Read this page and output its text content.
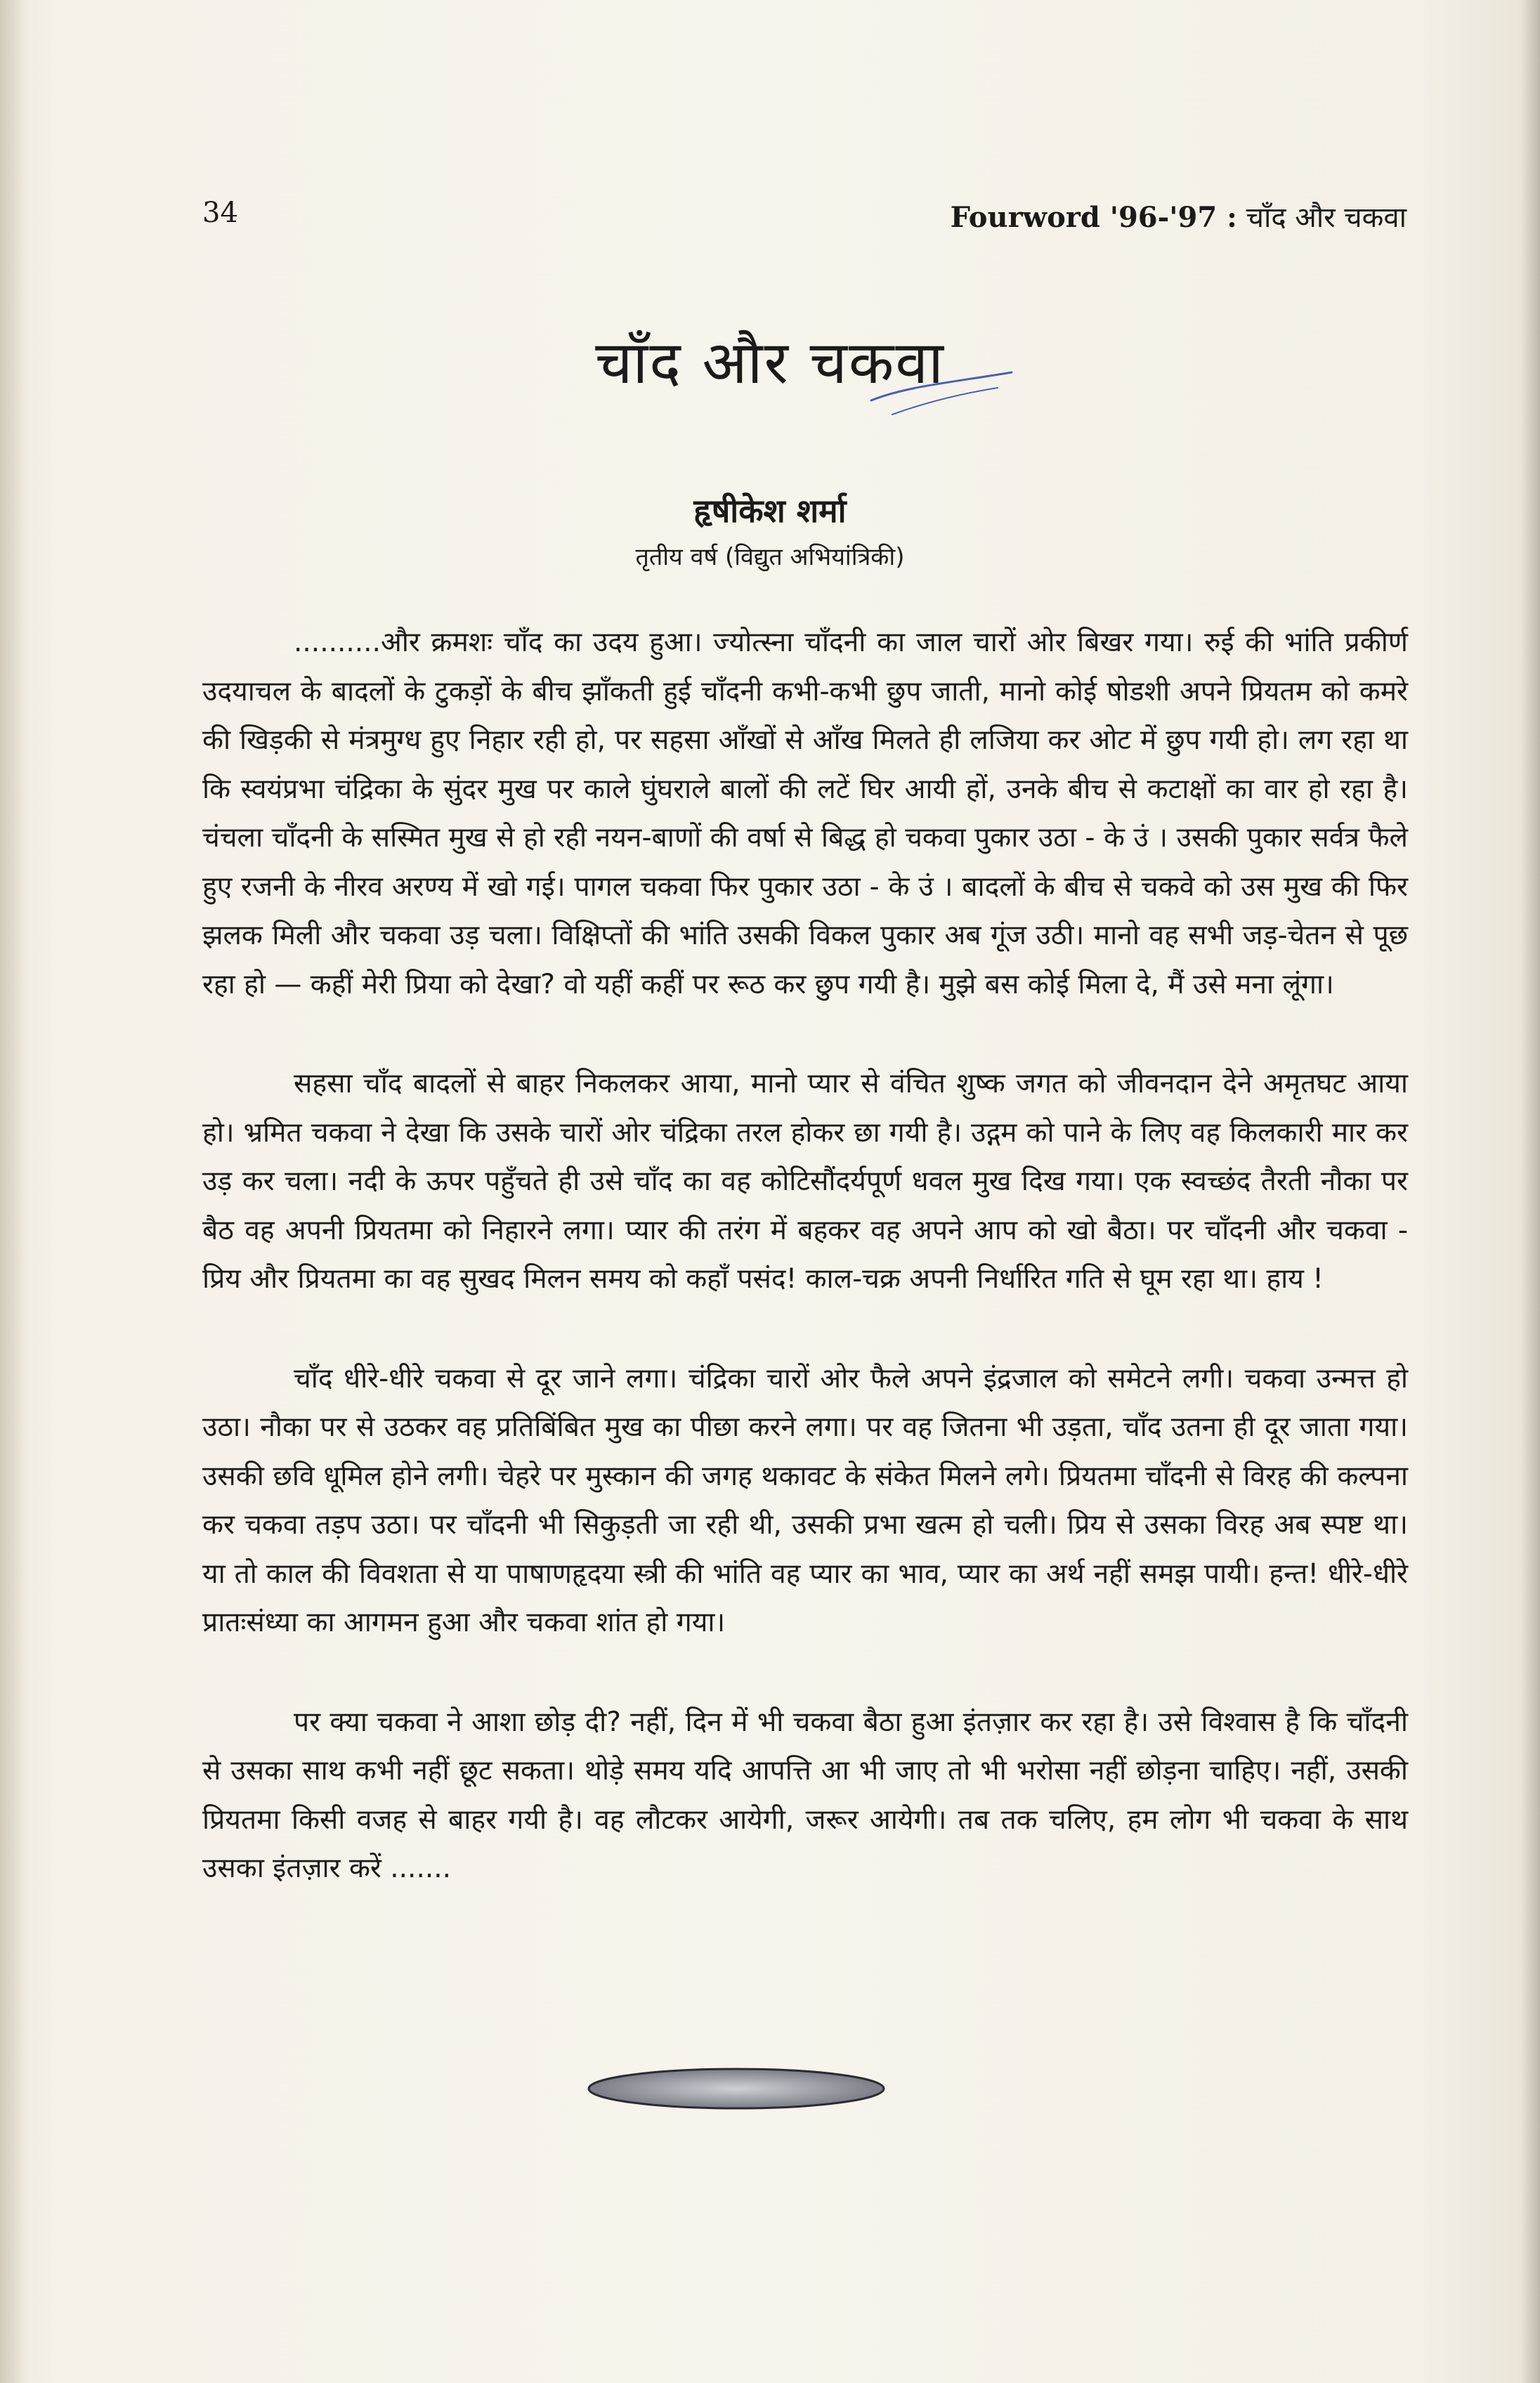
34	Fourword '96-'97 : चाँद और चकवा
चाँद और चकवा
हृषीकेश शर्मा
तृतीय वर्ष (विद्युत अभियांत्रिकी)

..........और क्रमशः चाँद का उदय हुआ। ज्योत्स्ना चाँदनी का जाल चारों ओर बिखर गया। रुई की भांति प्रकीर्ण उदयाचल के बादलों के टुकड़ों के बीच झाँकती हुई चाँदनी कभी-कभी छुप जाती, मानो कोई षोडशी अपने प्रियतम को कमरे की खिड़की से मंत्रमुग्ध हुए निहार रही हो, पर सहसा आँखों से आँख मिलते ही लजिया कर ओट में छुप गयी हो। लग रहा था कि स्वयंप्रभा चंद्रिका के सुंदर मुख पर काले घुंघराले बालों की लटें घिर आयी हों, उनके बीच से कटाक्षों का वार हो रहा है। चंचला चाँदनी के सस्मित मुख से हो रही नयन-बाणों की वर्षा से बिद्ध हो चकवा पुकार उठा - के उं । उसकी पुकार सर्वत्र फैले हुए रजनी के नीरव अरण्य में खो गई। पागल चकवा फिर पुकार उठा - के उं । बादलों के बीच से चकवे को उस मुख की फिर झलक मिली और चकवा उड़ चला। विक्षिप्तों की भांति उसकी विकल पुकार अब गूंज उठी। मानो वह सभी जड़-चेतन से पूछ रहा हो — कहीं मेरी प्रिया को देखा? वो यहीं कहीं पर रूठ कर छुप गयी है। मुझे बस कोई मिला दे, मैं उसे मना लूंगा।

सहसा चाँद बादलों से बाहर निकलकर आया, मानो प्यार से वंचित शुष्क जगत को जीवनदान देने अमृतघट आया हो। भ्रमित चकवा ने देखा कि उसके चारों ओर चंद्रिका तरल होकर छा गयी है। उद्गम को पाने के लिए वह किलकारी मार कर उड़ कर चला। नदी के ऊपर पहुँचते ही उसे चाँद का वह कोटिसौंदर्यपूर्ण धवल मुख दिख गया। एक स्वच्छंद तैरती नौका पर बैठ वह अपनी प्रियतमा को निहारने लगा। प्यार की तरंग में बहकर वह अपने आप को खो बैठा। पर चाँदनी और चकवा - प्रिय और प्रियतमा का वह सुखद मिलन समय को कहाँ पसंद! काल-चक्र अपनी निर्धारित गति से घूम रहा था। हाय !

चाँद धीरे-धीरे चकवा से दूर जाने लगा। चंद्रिका चारों ओर फैले अपने इंद्रजाल को समेटने लगी। चकवा उन्मत्त हो उठा। नौका पर से उठकर वह प्रतिबिंबित मुख का पीछा करने लगा। पर वह जितना भी उड़ता, चाँद उतना ही दूर जाता गया। उसकी छवि धूमिल होने लगी। चेहरे पर मुस्कान की जगह थकावट के संकेत मिलने लगे। प्रियतमा चाँदनी से विरह की कल्पना कर चकवा तड़प उठा। पर चाँदनी भी सिकुड़ती जा रही थी, उसकी प्रभा खत्म हो चली। प्रिय से उसका विरह अब स्पष्ट था। या तो काल की विवशता से या पाषाणहृदया स्त्री की भांति वह प्यार का भाव, प्यार का अर्थ नहीं समझ पायी। हन्त! धीरे-धीरे प्रातःसंध्या का आगमन हुआ और चकवा शांत हो गया।

पर क्या चकवा ने आशा छोड़ दी? नहीं, दिन में भी चकवा बैठा हुआ इंतज़ार कर रहा है। उसे विश्वास है कि चाँदनी से उसका साथ कभी नहीं छूट सकता। थोड़े समय यदि आपत्ति आ भी जाए तो भी भरोसा नहीं छोड़ना चाहिए। नहीं, उसकी प्रियतमा किसी वजह से बाहर गयी है। वह लौटकर आयेगी, जरूर आयेगी। तब तक चलिए, हम लोग भी चकवा के साथ उसका इंतज़ार करें .......
